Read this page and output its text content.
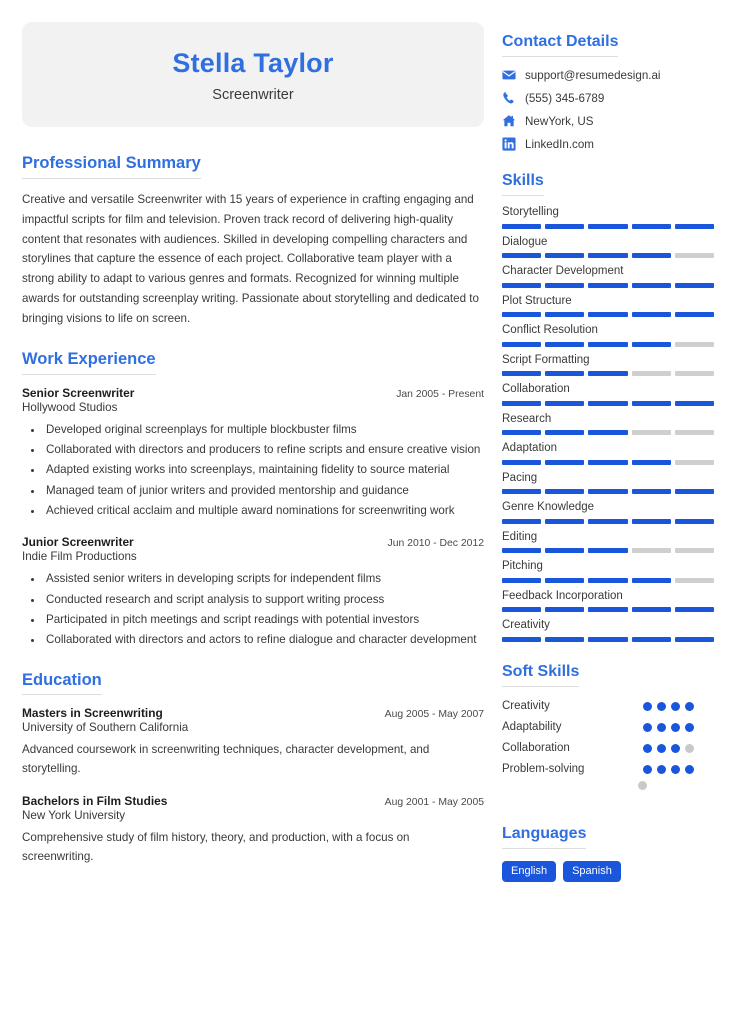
Stella Taylor
Screenwriter
Professional Summary
Creative and versatile Screenwriter with 15 years of experience in crafting engaging and impactful scripts for film and television. Proven track record of delivering high-quality content that resonates with audiences. Skilled in developing compelling characters and storylines that capture the essence of each project. Collaborative team player with a strong ability to adapt to various genres and formats. Recognized for winning multiple awards for outstanding screenplay writing. Passionate about storytelling and dedicated to bringing visions to life on screen.
Work Experience
Senior Screenwriter	Jan 2005 - Present
Hollywood Studios
• Developed original screenplays for multiple blockbuster films
• Collaborated with directors and producers to refine scripts and ensure creative vision
• Adapted existing works into screenplays, maintaining fidelity to source material
• Managed team of junior writers and provided mentorship and guidance
• Achieved critical acclaim and multiple award nominations for screenwriting work
Junior Screenwriter	Jun 2010 - Dec 2012
Indie Film Productions
• Assisted senior writers in developing scripts for independent films
• Conducted research and script analysis to support writing process
• Participated in pitch meetings and script readings with potential investors
• Collaborated with directors and actors to refine dialogue and character development
Education
Masters in Screenwriting	Aug 2005 - May 2007
University of Southern California
Advanced coursework in screenwriting techniques, character development, and storytelling.
Bachelors in Film Studies	Aug 2001 - May 2005
New York University
Comprehensive study of film history, theory, and production, with a focus on screenwriting.
Contact Details
support@resumedesign.ai
(555) 345-6789
NewYork, US
LinkedIn.com
Skills
Storytelling
Dialogue
Character Development
Plot Structure
Conflict Resolution
Script Formatting
Collaboration
Research
Adaptation
Pacing
Genre Knowledge
Editing
Pitching
Feedback Incorporation
Creativity
Soft Skills
Creativity
Adaptability
Collaboration
Problem-solving
Languages
English	Spanish
